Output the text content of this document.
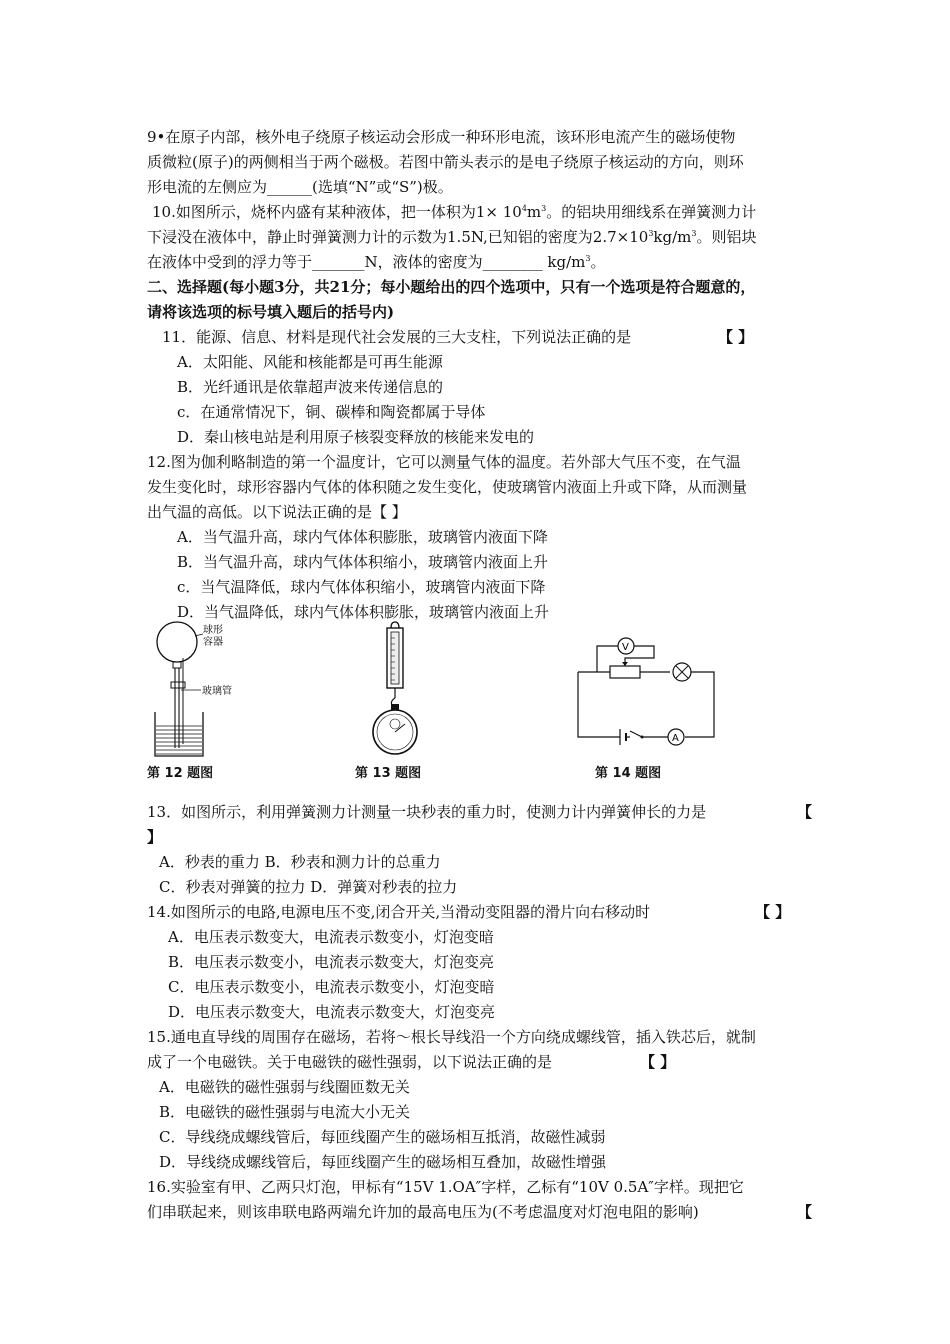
9•在原子内部，核外电子绕原子核运动会形成一种环形电流，该环形电流产生的磁场使物
质微粒(原子)的两侧相当于两个磁极。若图中箭头表示的是电子绕原子核运动的方向，则环
形电流的左侧应为______(选填“N”或“S”)极。
10.如图所示，烧杯内盛有某种液体，把一体积为$1\times 10^4m^3$。的铝块用细线系在弹簧测力计
下浸没在液体中，静止时弹簧测力计的示数为1.5N,已知铝的密度为$2.7\times 10^3kg/m^3$。则铝块
在液体中受到的浮力等于_______N，液体的密度为________ $kg/m^3$。
二、选择题(每小题3分，共21分；每小题给出的四个选项中，只有一个选项是符合题意的，
请将该选项的标号填入题后的括号内)
11．能源、信息、材料是现代社会发展的三大支柱，下列说法正确的是	【 】
A．太阳能、风能和核能都是可再生能源
B．光纤通讯是依靠超声波来传递信息的
c．在通常情况下，铜、碳棒和陶瓷都属于导体
D．秦山核电站是利用原子核裂变释放的核能来发电的
12.图为伽利略制造的第一个温度计，它可以测量气体的温度。若外部大气压不变，在气温
发生变化时，球形容器内气体的体积随之发生变化，使玻璃管内液面上升或下降，从而测量
出气温的高低。以下说法正确的是【 】
A．当气温升高，球内气体体积膨胀，玻璃管内液面下降
B．当气温升高，球内气体体积缩小，玻璃管内液面上升
c．当气温降低，球内气体体积缩小，玻璃管内液面下降
D．当气温降低，球内气体体积膨胀，玻璃管内液面上升
球形
容器
玻璃管
第 12 题图	第 13 题图
A
V
第 14 题图
13．如图所示，利用弹簧测力计测量一块秒表的重力时，使测力计内弹簧伸长的力是	【
】
A．秒表的重力 B．秒表和测力计的总重力
C．秒表对弹簧的拉力 D．弹簧对秒表的拉力
14.如图所示的电路,电源电压不变,闭合开关,当滑动变阻器的滑片向右移动时	【 】
A．电压表示数变大，电流表示数变小，灯泡变暗
B．电压表示数变小，电流表示数变大，灯泡变亮
C．电压表示数变小，电流表示数变小，灯泡变暗
D．电压表示数变大，电流表示数变大，灯泡变亮
15.通电直导线的周围存在磁场，若将～根长导线沿一个方向绕成螺线管，插入铁芯后，就制
成了一个电磁铁。关于电磁铁的磁性强弱，以下说法正确的是	【 】
A．电磁铁的磁性强弱与线圈匝数无关
B．电磁铁的磁性强弱与电流大小无关
C．导线绕成螺线管后，每匝线圈产生的磁场相互抵消，故磁性减弱
D．导线绕成螺线管后，每匝线圈产生的磁场相互叠加，故磁性增强
16.实验室有甲、乙两只灯泡，甲标有“15V 1.OA″字样，乙标有“10V 0.5A″字样。现把它
们串联起来，则该串联电路两端允许加的最高电压为(不考虑温度对灯泡电阻的影响)	【
